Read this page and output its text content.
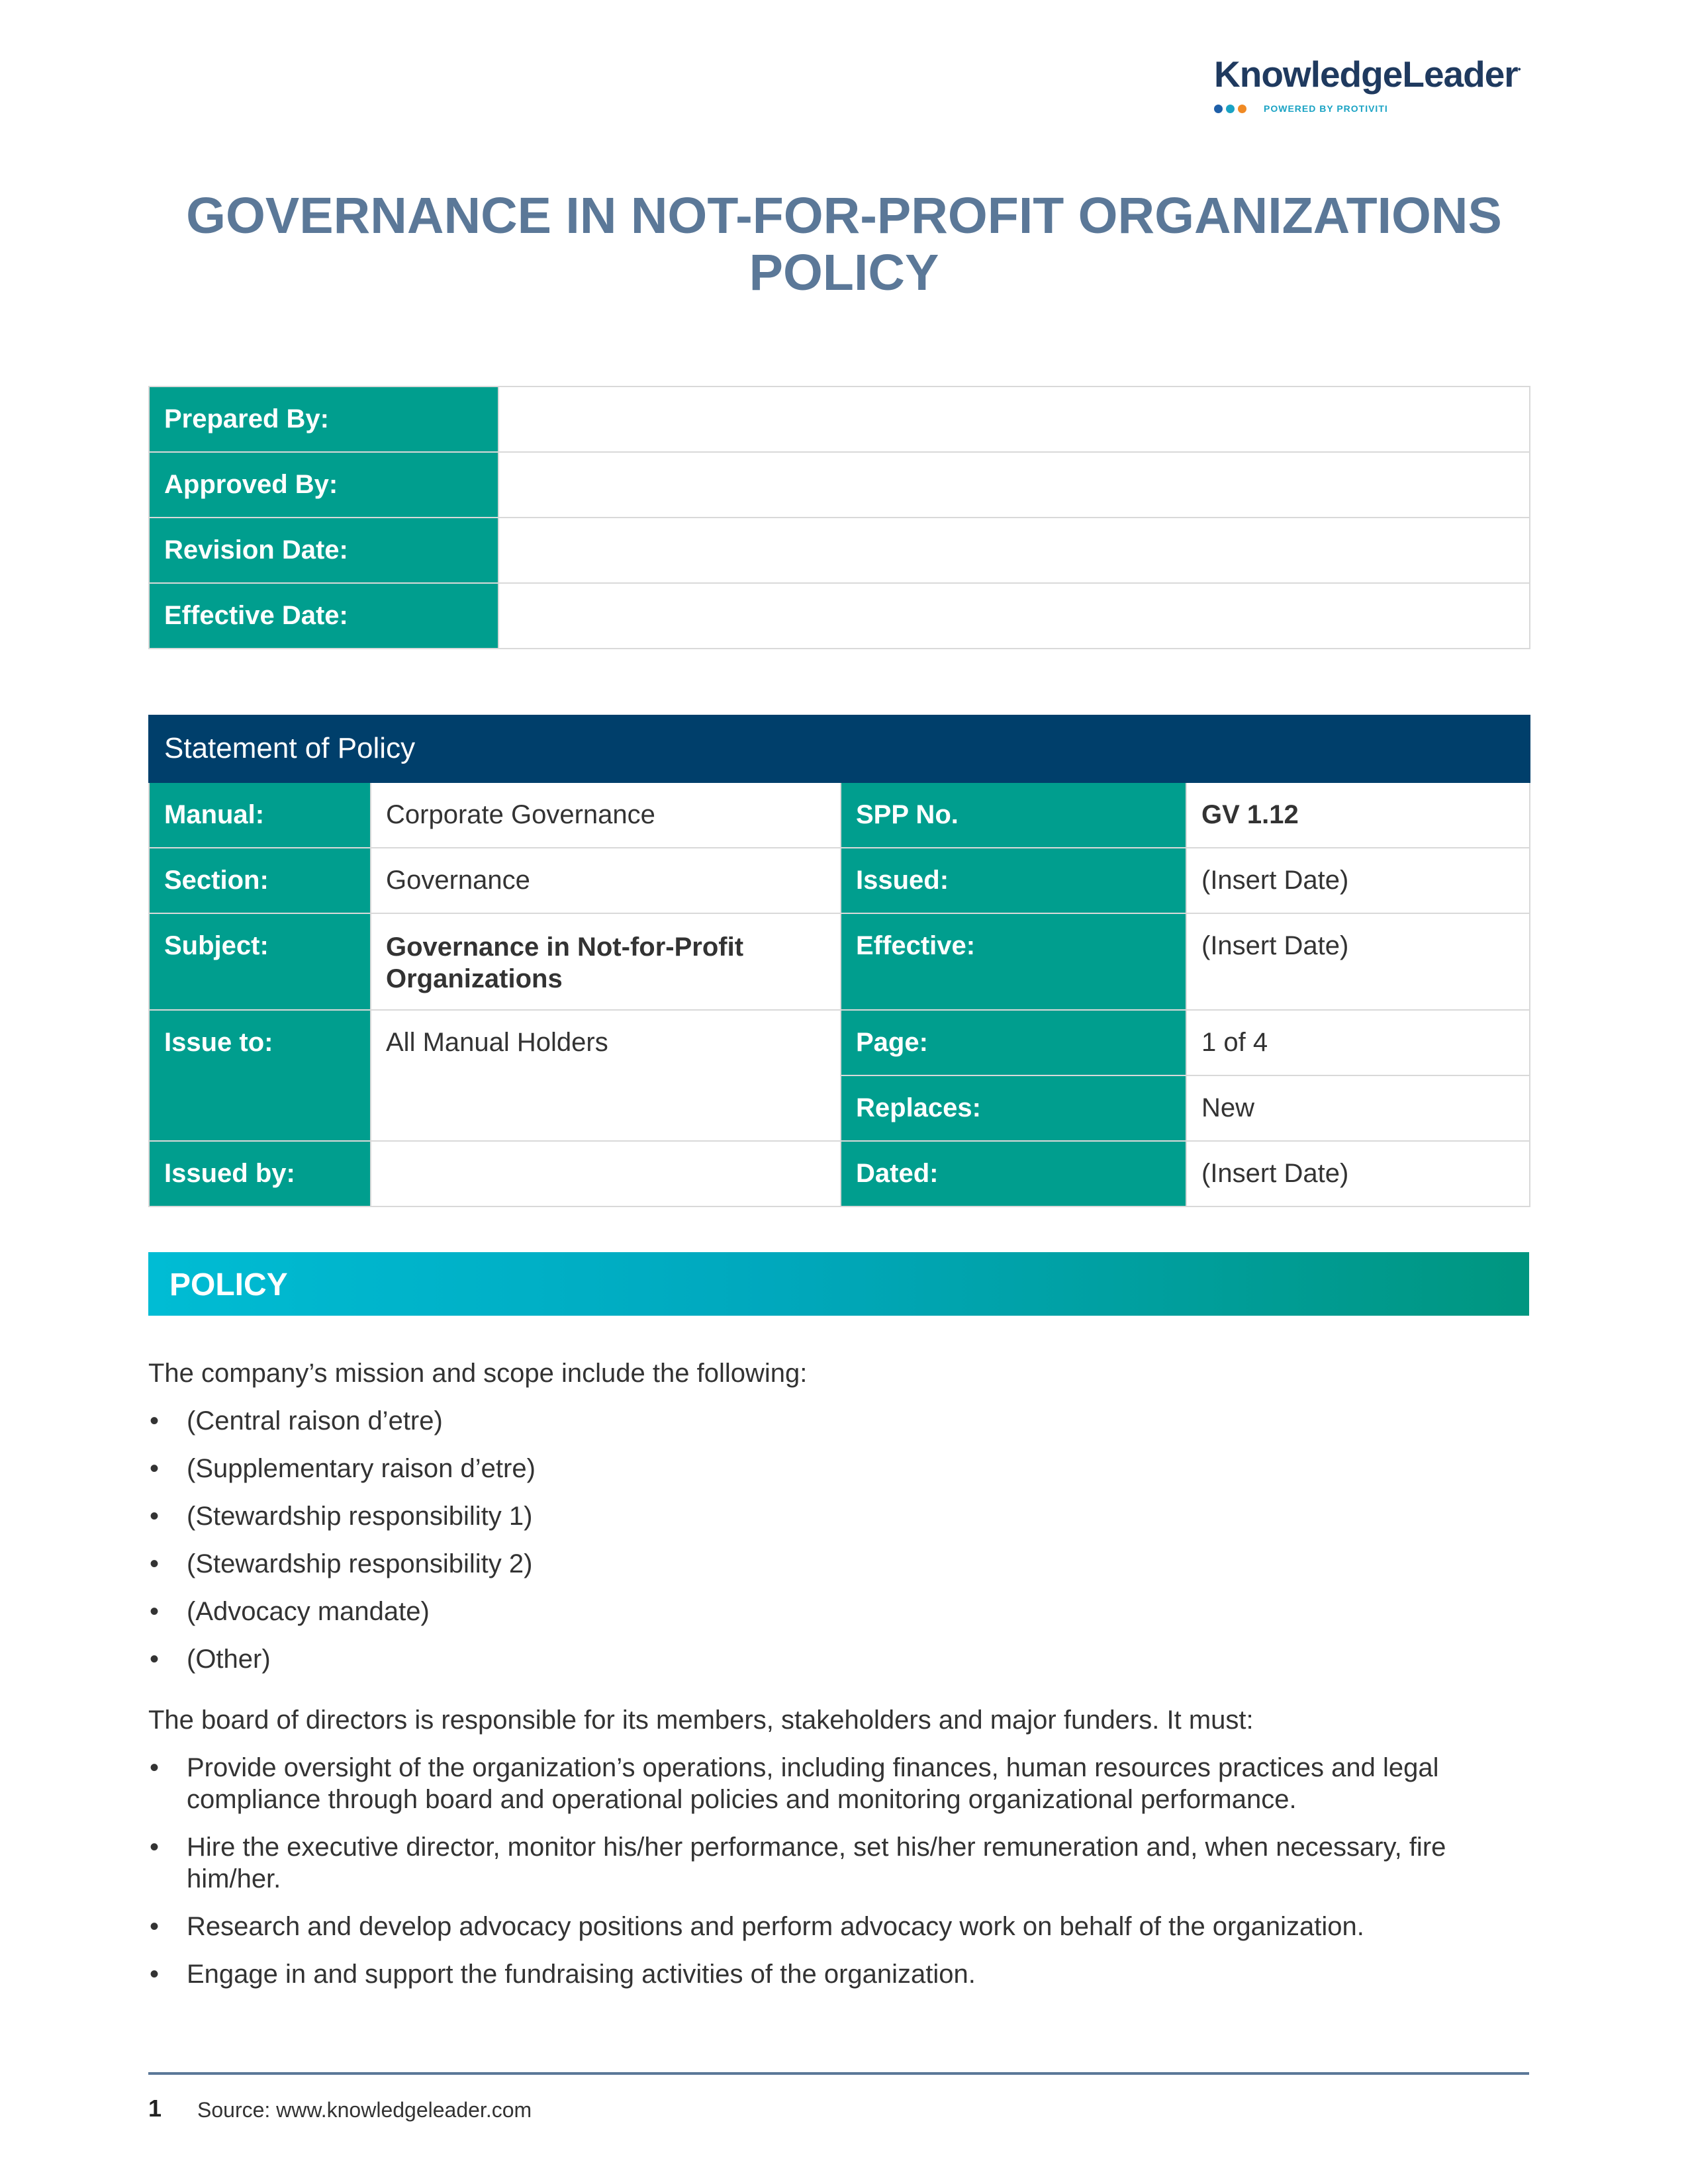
KnowledgeLeader•
POWERED BY PROTIVITI
GOVERNANCE IN NOT-FOR-PROFIT ORGANIZATIONS POLICY
Prepared By:	
Approved By:	
Revision Date:	
Effective Date:	
Statement of Policy			
Manual:	Corporate Governance	SPP No.	GV 1.12
Section:	Governance	Issued:	(Insert Date)
Subject:	Governance in Not-for-Profit Organizations	Effective:	(Insert Date)
Issue to:	All Manual Holders	Page:	1 of 4
		Replaces:	New
Issued by:		Dated:	(Insert Date)
POLICY
The company’s mission and scope include the following:
• (Central raison d’etre)
• (Supplementary raison d’etre)
• (Stewardship responsibility 1)
• (Stewardship responsibility 2)
• (Advocacy mandate)
• (Other)
The board of directors is responsible for its members, stakeholders and major funders. It must:
• Provide oversight of the organization’s operations, including finances, human resources practices and legal compliance through board and operational policies and monitoring organizational performance.
• Hire the executive director, monitor his/her performance, set his/her remuneration and, when necessary, fire him/her.
• Research and develop advocacy positions and perform advocacy work on behalf of the organization.
• Engage in and support the fundraising activities of the organization.
1 Source: www.knowledgeleader.com
